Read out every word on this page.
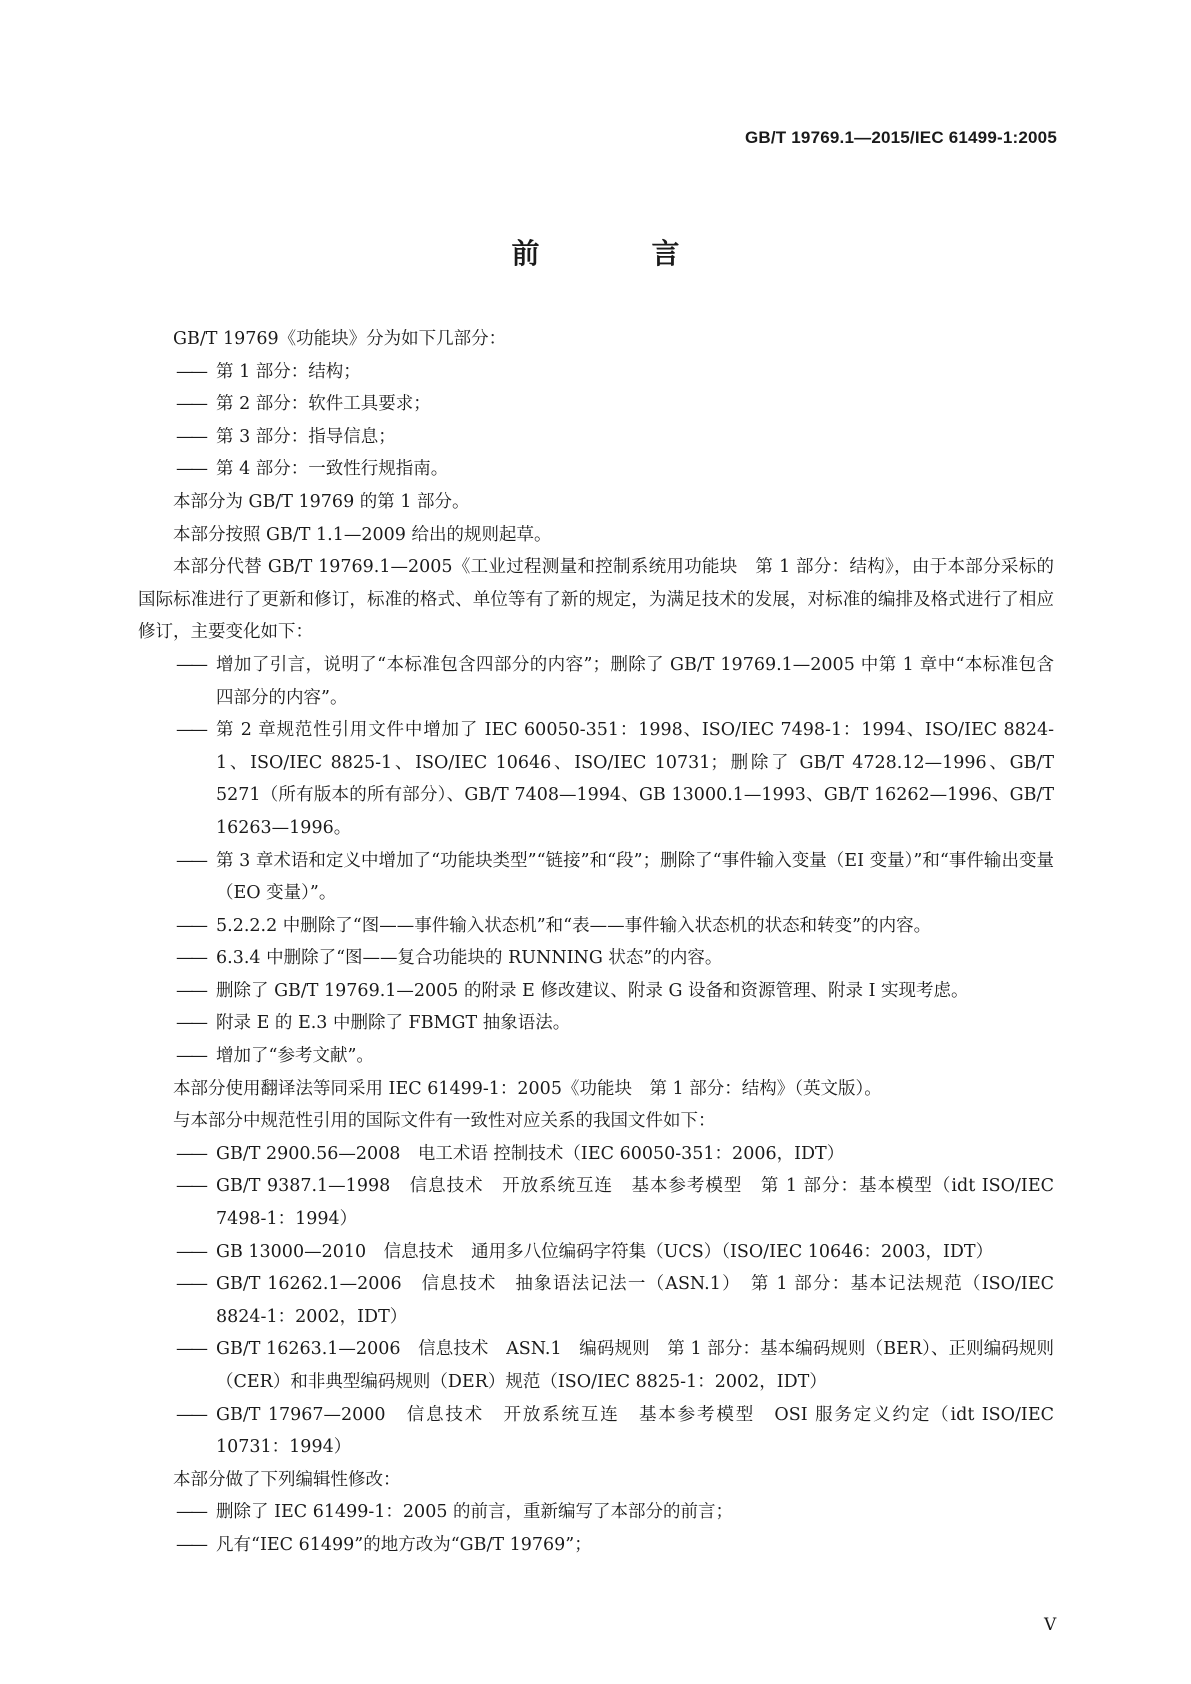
GB/T 19769.1—2015/IEC 61499-1:2005
前　言

GB/T 19769《功能块》分为如下几部分：

—— 第 1 部分：结构；

—— 第 2 部分：软件工具要求；

—— 第 3 部分：指导信息；

—— 第 4 部分：一致性行规指南。

本部分为 GB/T 19769 的第 1 部分。

本部分按照 GB/T 1.1—2009 给出的规则起草。

本部分代替 GB/T 19769.1—2005《工业过程测量和控制系统用功能块　第 1 部分：结构》，由于本部分采标的国际标准进行了更新和修订，标准的格式、单位等有了新的规定，为满足技术的发展，对标准的编排及格式进行了相应修订，主要变化如下：

—— 增加了引言，说明了“本标准包含四部分的内容”；删除了 GB/T 19769.1—2005 中第 1 章中“本标准包含四部分的内容”。

—— 第 2 章规范性引用文件中增加了 IEC 60050-351：1998、ISO/IEC 7498-1：1994、ISO/IEC 8824-1、ISO/IEC 8825-1、ISO/IEC 10646、ISO/IEC 10731；删除了 GB/T 4728.12—1996、GB/T 5271（所有版本的所有部分）、GB/T 7408—1994、GB 13000.1—1993、GB/T 16262—1996、GB/T 16263—1996。

—— 第 3 章术语和定义中增加了“功能块类型”“链接”和“段”；删除了“事件输入变量（EI 变量）”和“事件输出变量（EO 变量）”。

—— 5.2.2.2 中删除了“图——事件输入状态机”和“表——事件输入状态机的状态和转变”的内容。

—— 6.3.4 中删除了“图——复合功能块的 RUNNING 状态”的内容。

—— 删除了 GB/T 19769.1—2005 的附录 E 修改建议、附录 G 设备和资源管理、附录 I 实现考虑。

—— 附录 E 的 E.3 中删除了 FBMGT 抽象语法。

—— 增加了“参考文献”。

本部分使用翻译法等同采用 IEC 61499-1：2005《功能块　第 1 部分：结构》（英文版）。

与本部分中规范性引用的国际文件有一致性对应关系的我国文件如下：

—— GB/T 2900.56—2008　电工术语 控制技术（IEC 60050-351：2006，IDT）

—— GB/T 9387.1—1998　信息技术　开放系统互连　基本参考模型　第 1 部分：基本模型（idt ISO/IEC 7498-1：1994）

—— GB 13000—2010　信息技术　通用多八位编码字符集（UCS）（ISO/IEC 10646：2003，IDT）

—— GB/T 16262.1—2006　信息技术　抽象语法记法一（ASN.1）　第 1 部分：基本记法规范（ISO/IEC 8824-1：2002，IDT）

—— GB/T 16263.1—2006　信息技术　ASN.1　编码规则　第 1 部分：基本编码规则（BER）、正则编码规则（CER）和非典型编码规则（DER）规范（ISO/IEC 8825-1：2002，IDT）

—— GB/T 17967—2000　信息技术　开放系统互连　基本参考模型　OSI 服务定义约定（idt ISO/IEC 10731：1994）

本部分做了下列编辑性修改：

—— 删除了 IEC 61499-1：2005 的前言，重新编写了本部分的前言；

—— 凡有“IEC 61499”的地方改为“GB/T 19769”；

Ⅴ
